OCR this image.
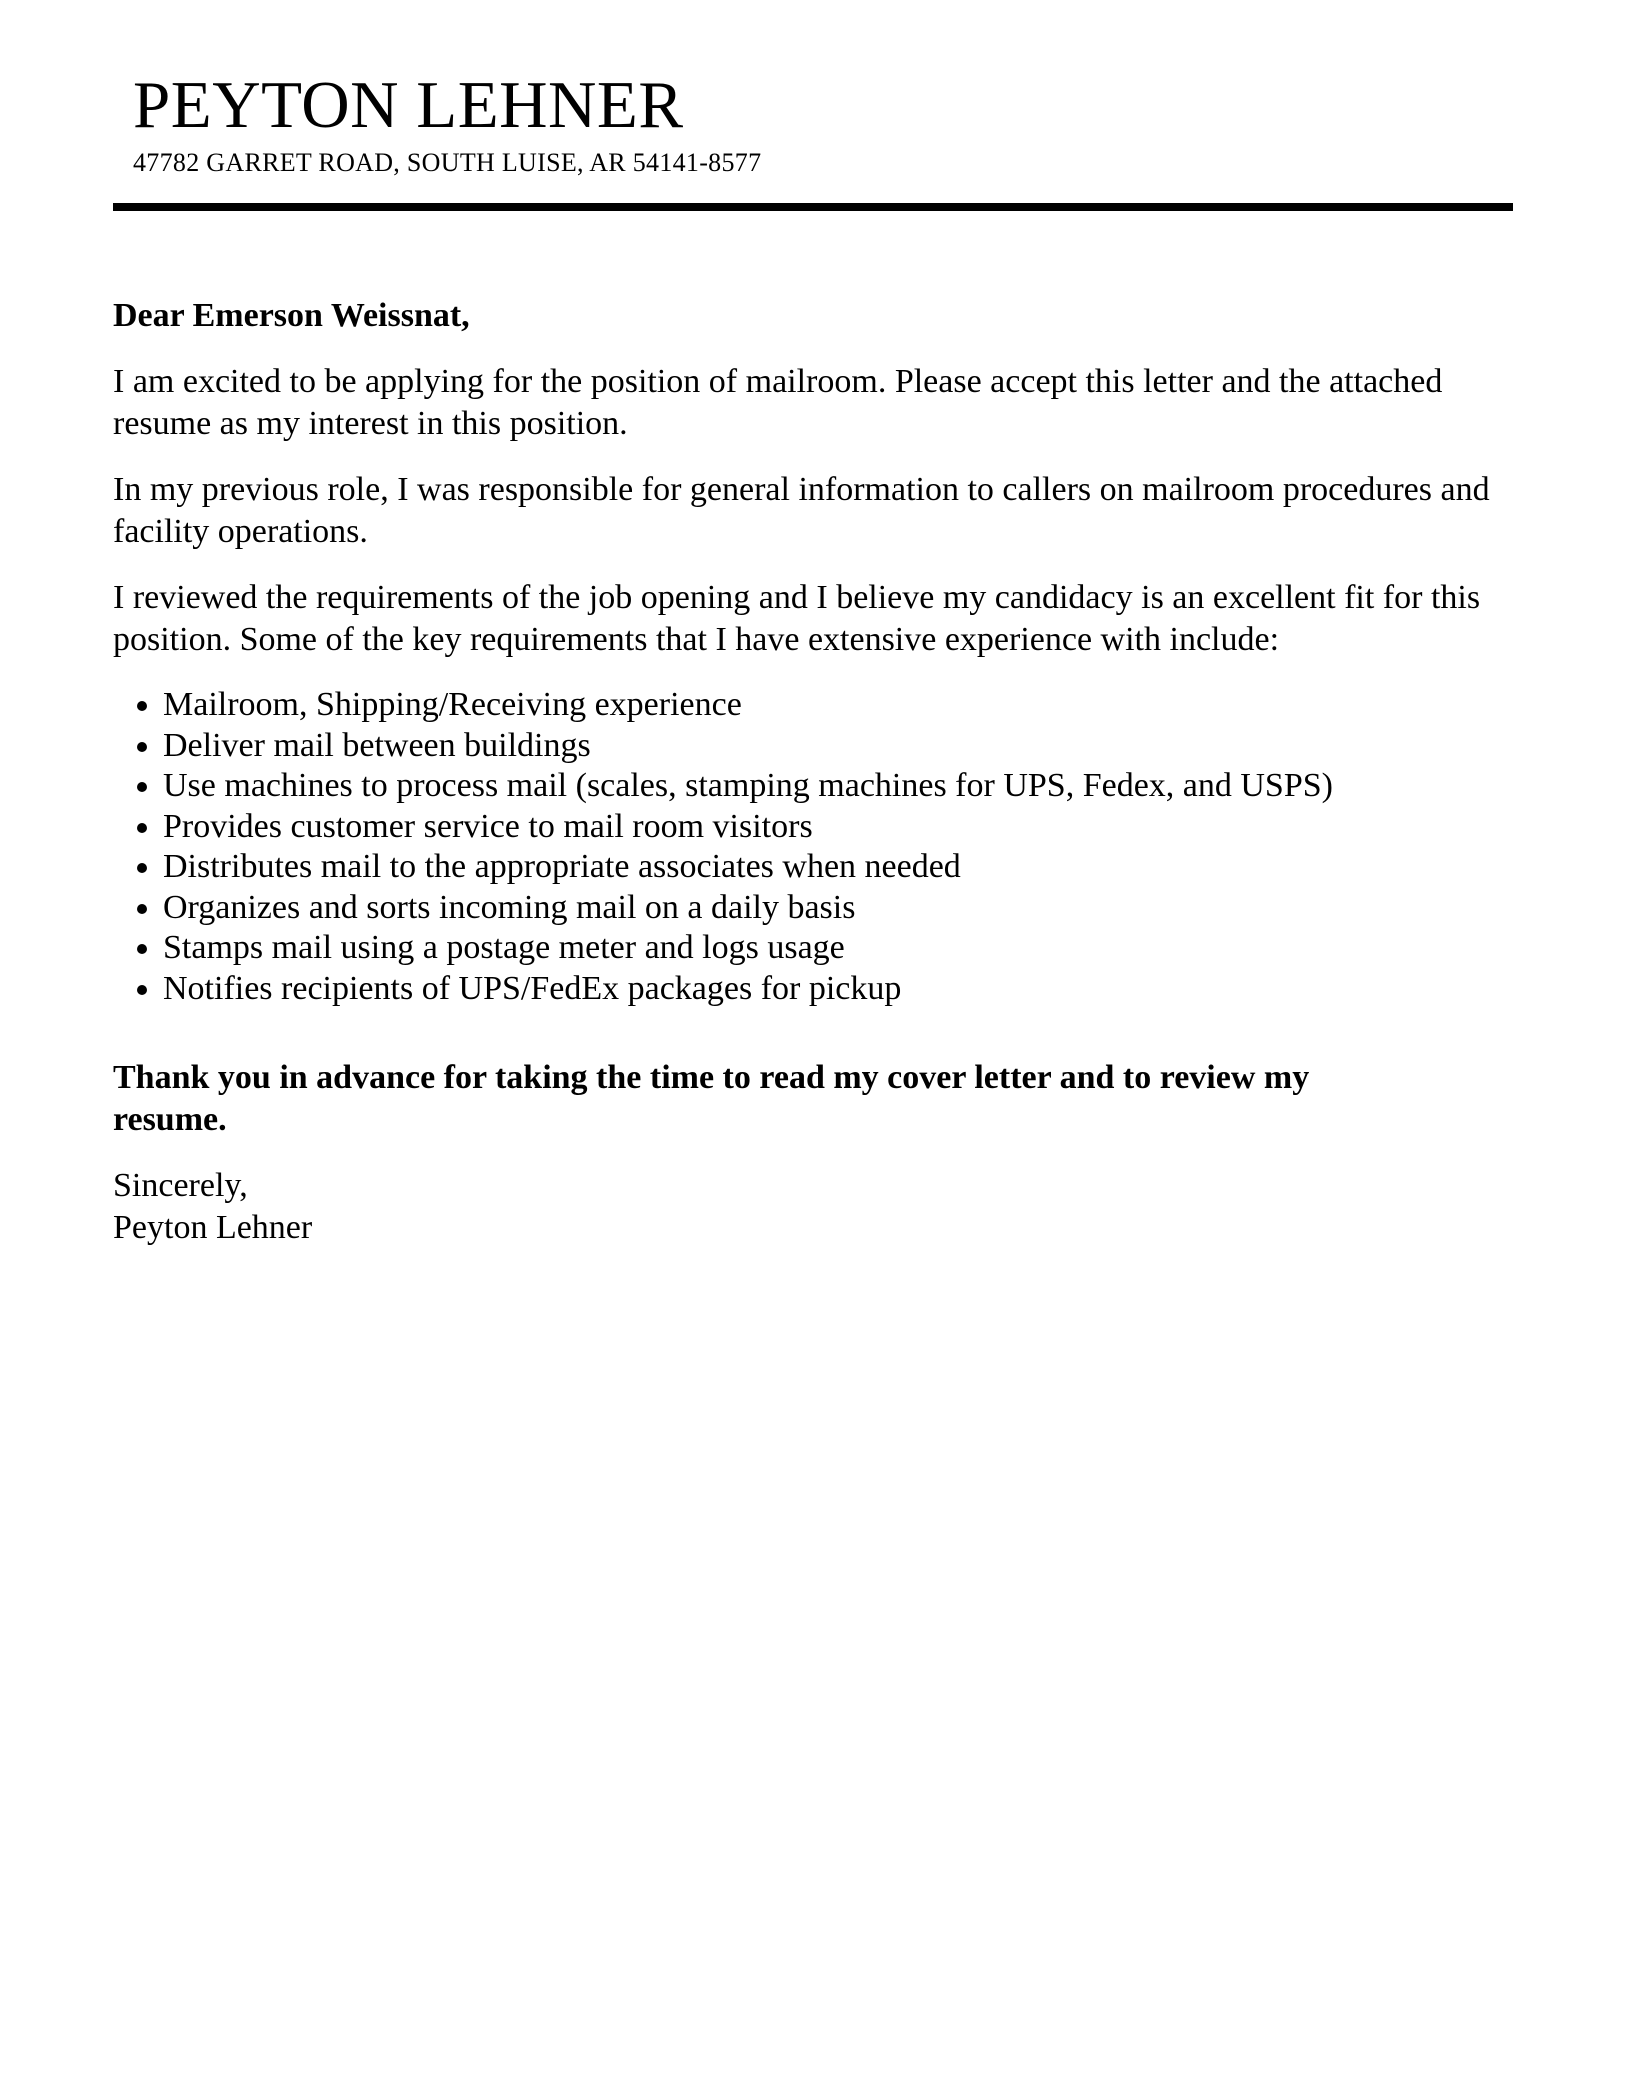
PEYTON LEHNER
47782 GARRET ROAD, SOUTH LUISE, AR 54141-8577

Dear Emerson Weissnat,

I am excited to be applying for the position of mailroom. Please accept this letter and the attached resume as my interest in this position.

In my previous role, I was responsible for general information to callers on mailroom procedures and facility operations.

I reviewed the requirements of the job opening and I believe my candidacy is an excellent fit for this position. Some of the key requirements that I have extensive experience with include:

• Mailroom, Shipping/Receiving experience
• Deliver mail between buildings
• Use machines to process mail (scales, stamping machines for UPS, Fedex, and USPS)
• Provides customer service to mail room visitors
• Distributes mail to the appropriate associates when needed
• Organizes and sorts incoming mail on a daily basis
• Stamps mail using a postage meter and logs usage
• Notifies recipients of UPS/FedEx packages for pickup

Thank you in advance for taking the time to read my cover letter and to review my resume.

Sincerely,
Peyton Lehner
